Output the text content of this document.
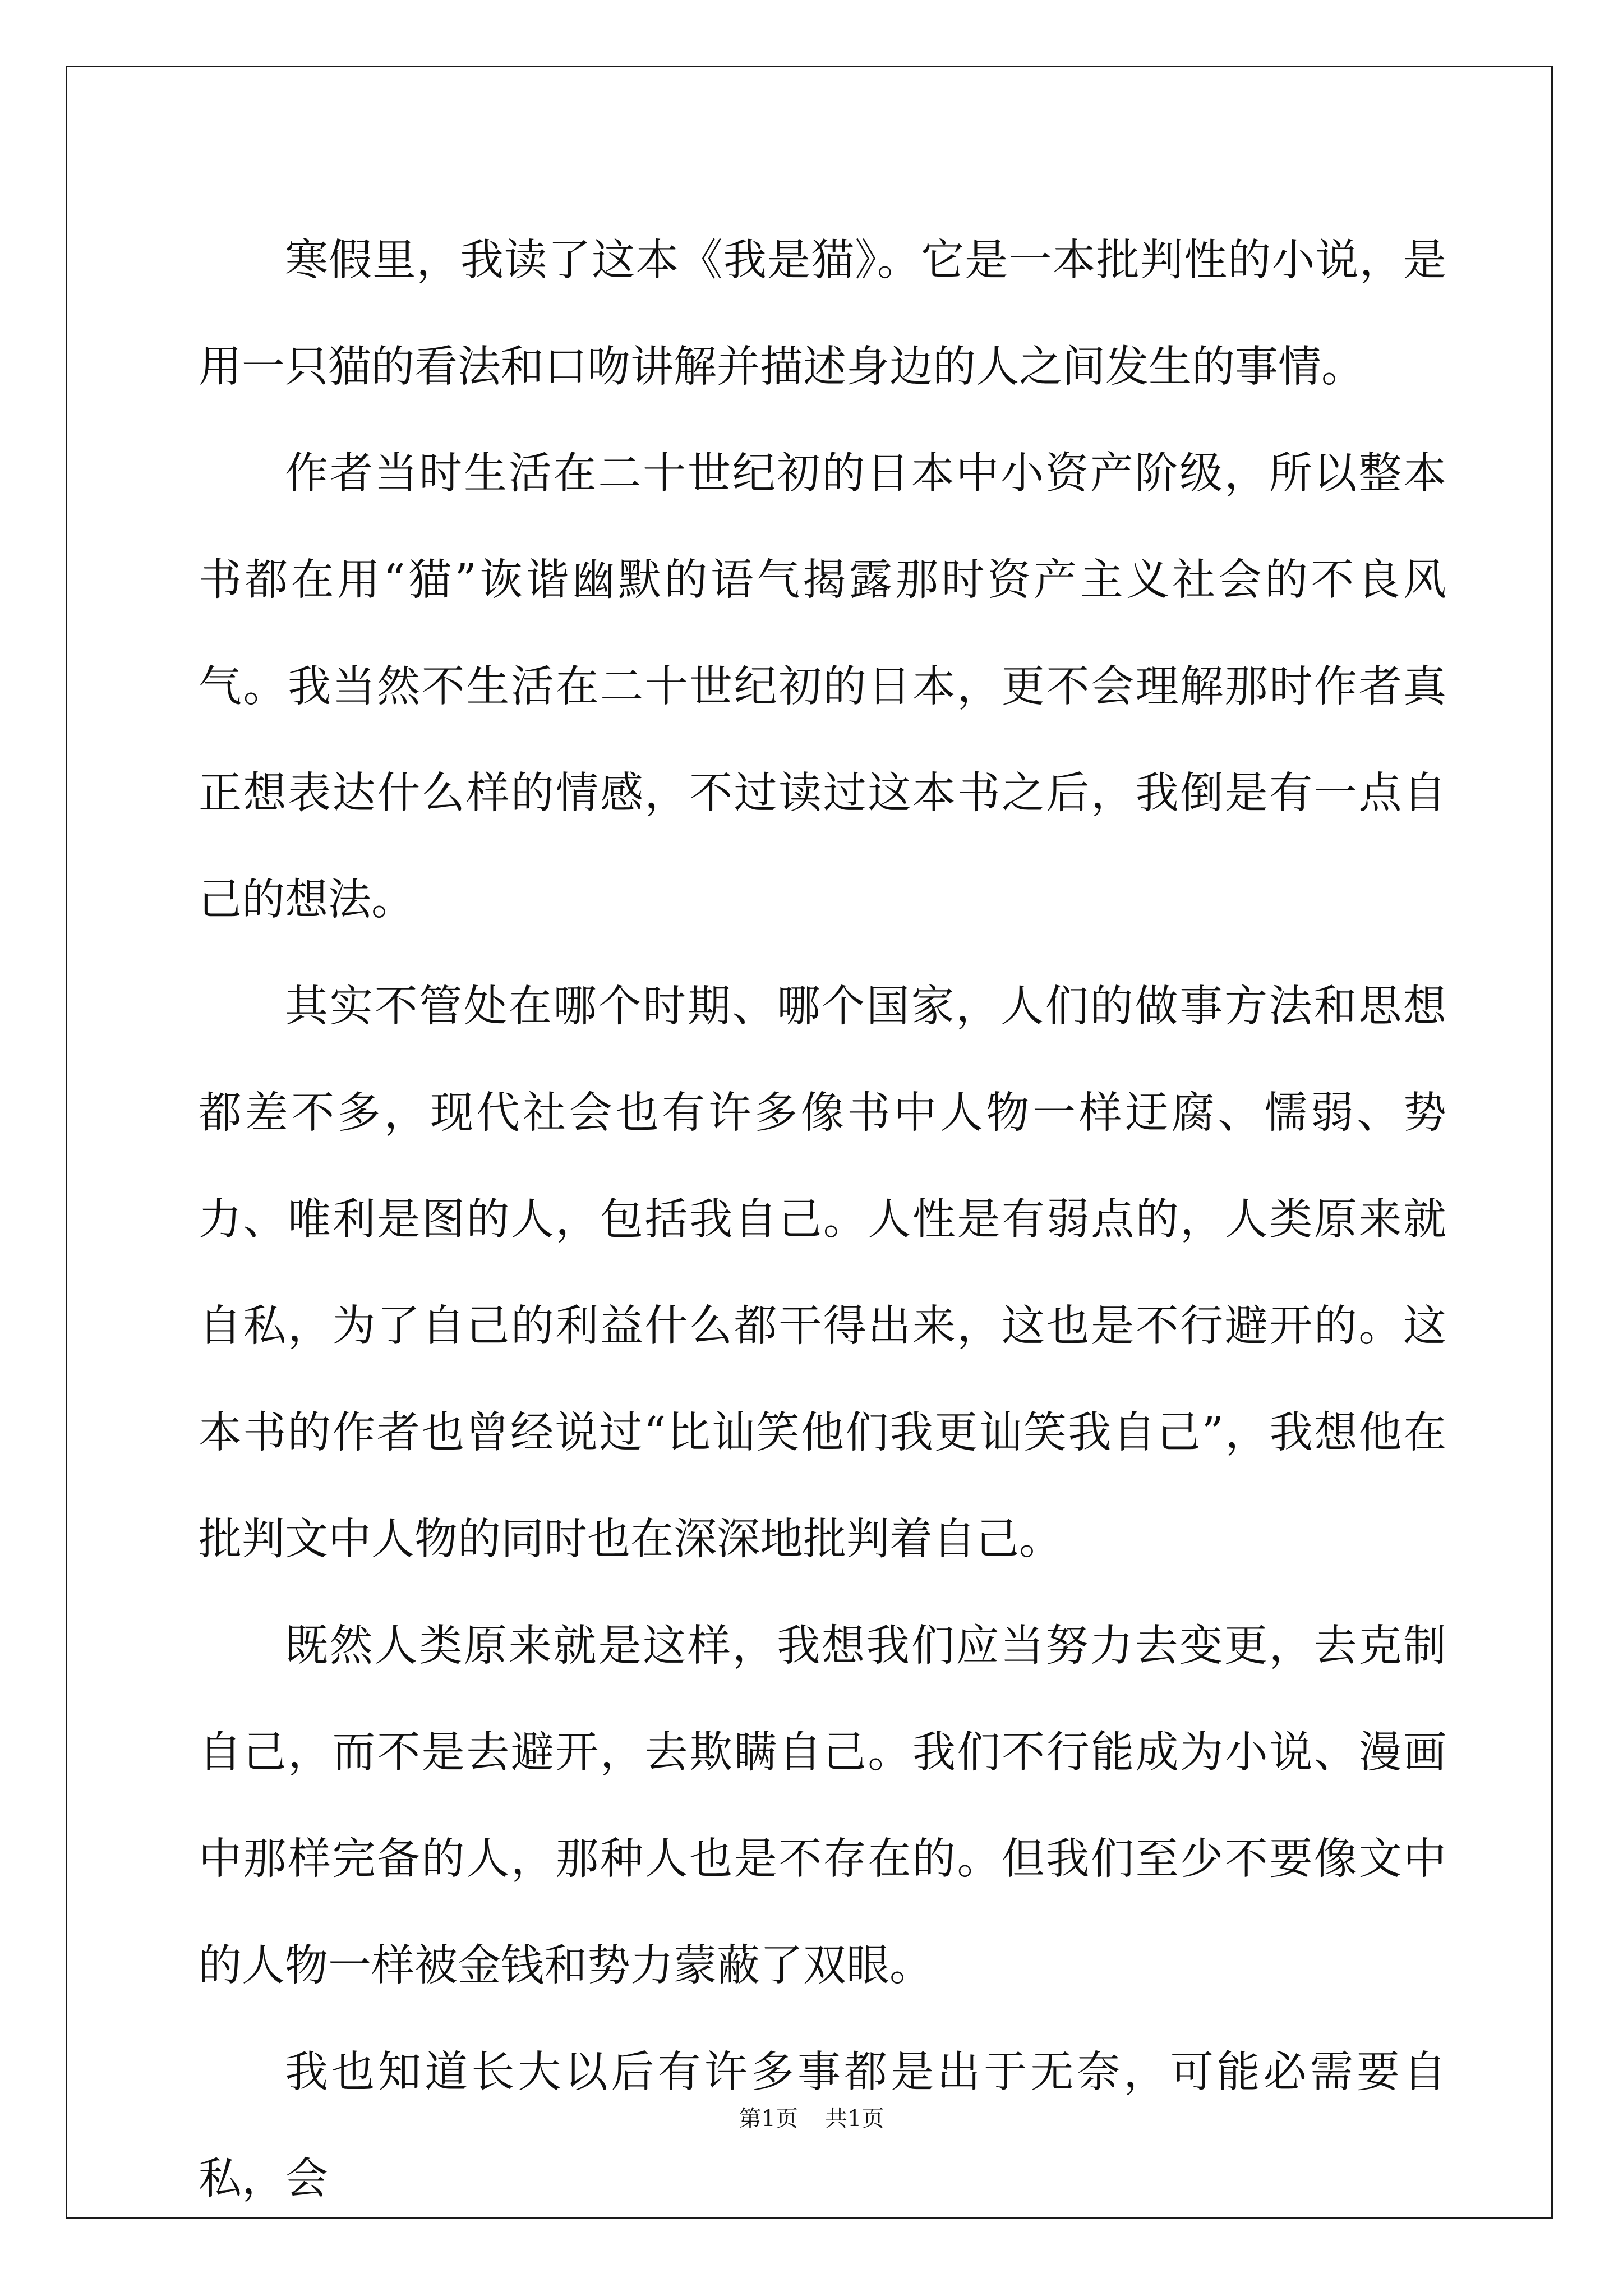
寒假里，我读了这本《我是猫》。它是一本批判性的小说，是用一只猫的看法和口吻讲解并描述身边的人之间发生的事情。

作者当时生活在二十世纪初的日本中小资产阶级，所以整本书都在用“猫”诙谐幽默的语气揭露那时资产主义社会的不良风气。我当然不生活在二十世纪初的日本，更不会理解那时作者真正想表达什么样的情感，不过读过这本书之后，我倒是有一点自己的想法。

其实不管处在哪个时期、哪个国家，人们的做事方法和思想都差不多，现代社会也有许多像书中人物一样迂腐、懦弱、势力、唯利是图的人，包括我自己。人性是有弱点的，人类原来就自私，为了自己的利益什么都干得出来，这也是不行避开的。这本书的作者也曾经说过“比讪笑他们我更讪笑我自己”，我想他在批判文中人物的同时也在深深地批判着自己。

既然人类原来就是这样，我想我们应当努力去变更，去克制自己，而不是去避开，去欺瞒自己。我们不行能成为小说、漫画中那样完备的人，那种人也是不存在的。但我们至少不要像文中的人物一样被金钱和势力蒙蔽了双眼。

我也知道长大以后有许多事都是出于无奈，可能必需要自私，会

第1页 共1页
